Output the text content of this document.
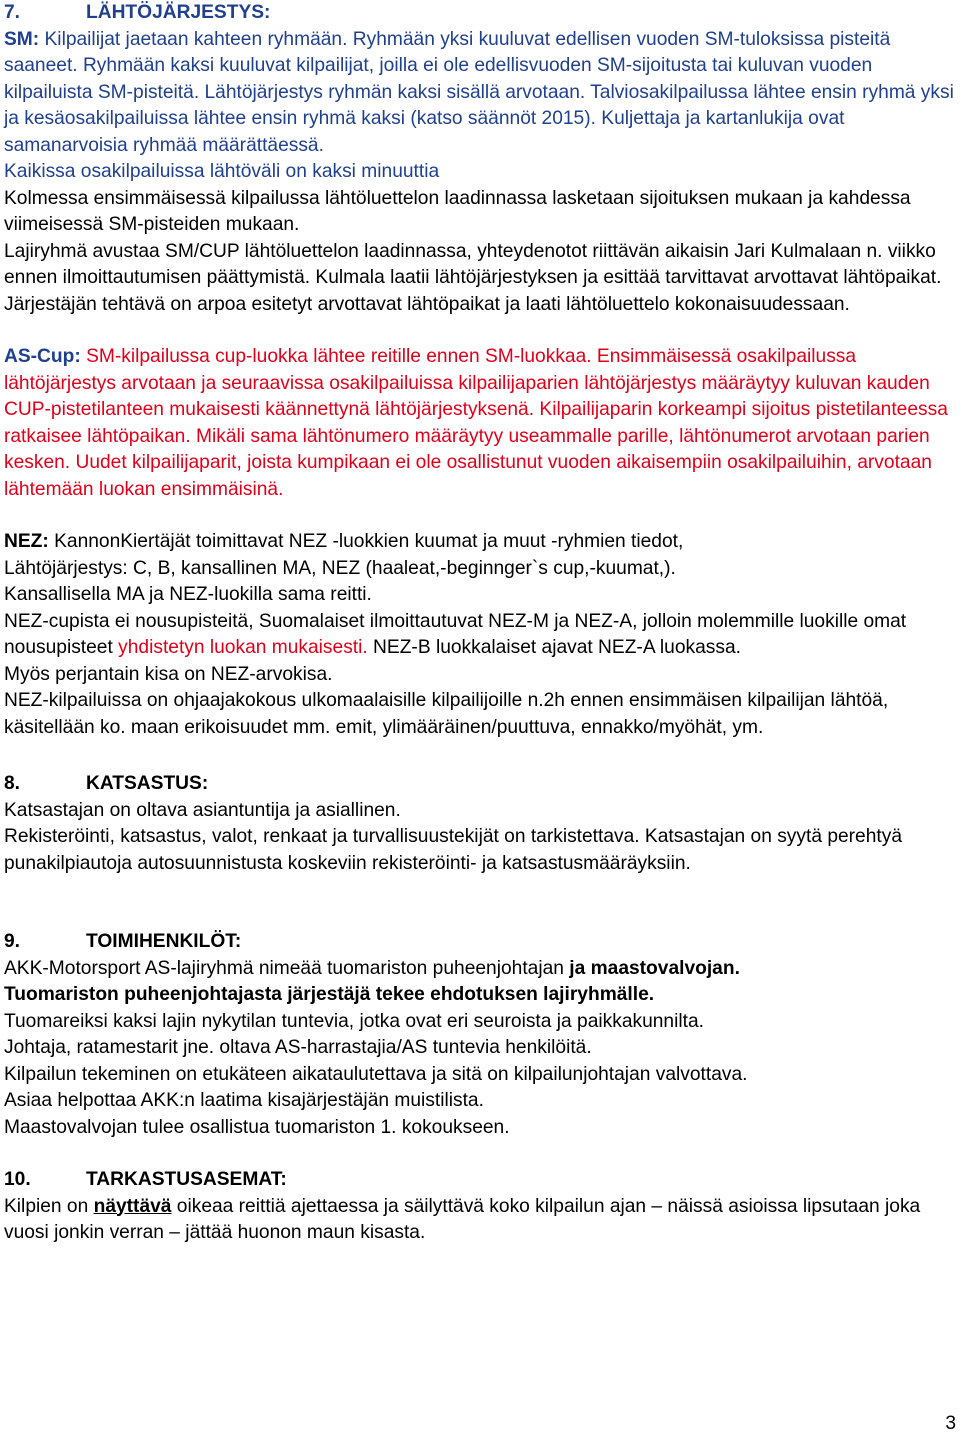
7.	LÄHTÖJÄRJESTYS:

SM: Kilpailijat jaetaan kahteen ryhmään. Ryhmään yksi kuuluvat edellisen vuoden SM-tuloksissa pisteitä saaneet. Ryhmään kaksi kuuluvat kilpailijat, joilla ei ole edellisvuoden SM-sijoitusta tai kuluvan vuoden kilpailuista SM-pisteitä. Lähtöjärjestys ryhmän kaksi sisällä arvotaan. Talviosakilpailussa lähtee ensin ryhmä yksi ja kesäosakilpailuissa lähtee ensin ryhmä kaksi (katso säännöt 2015). Kuljettaja ja kartanlukija ovat samanarvoisia ryhmää määrättäessä.

Kaikissa osakilpailuissa lähtöväli on kaksi minuuttia

Kolmessa ensimmäisessä kilpailussa lähtöluettelon laadinnassa lasketaan sijoituksen mukaan ja kahdessa viimeisessä SM-pisteiden mukaan.

Lajiryhmä avustaa SM/CUP lähtöluettelon laadinnassa, yhteydenotot riittävän aikaisin Jari Kulmalaan n. viikko ennen ilmoittautumisen päättymistä. Kulmala laatii lähtöjärjestyksen ja esittää tarvittavat arvottavat lähtöpaikat. Järjestäjän tehtävä on arpoa esitetyt arvottavat lähtöpaikat ja laati lähtöluettelo kokonaisuudessaan.

AS-Cup: SM-kilpailussa cup-luokka lähtee reitille ennen SM-luokkaa. Ensimmäisessä osakilpailussa lähtöjärjestys arvotaan ja seuraavissa osakilpailuissa kilpailijaparien lähtöjärjestys määräytyy kuluvan kauden CUP-pistetilanteen mukaisesti käännettynä lähtöjärjestyksenä. Kilpailijaparin korkeampi sijoitus pistetilanteessa ratkaisee lähtöpaikan. Mikäli sama lähtönumero määräytyy useammalle parille, lähtönumerot arvotaan parien kesken. Uudet kilpailijaparit, joista kumpikaan ei ole osallistunut vuoden aikaisempiin osakilpailuihin, arvotaan lähtemään luokan ensimmäisinä.

NEZ: KannonKiertäjät toimittavat NEZ -luokkien kuumat ja muut -ryhmien tiedot,

Lähtöjärjestys: C, B, kansallinen MA, NEZ (haaleat,-beginnger`s cup,-kuumat,).

Kansallisella MA ja NEZ-luokilla sama reitti.

NEZ-cupista ei nousupisteitä, Suomalaiset ilmoittautuvat NEZ-M ja NEZ-A, jolloin molemmille luokille omat nousupisteet yhdistetyn luokan mukaisesti. NEZ-B luokkalaiset ajavat NEZ-A luokassa.

Myös perjantain kisa on NEZ-arvokisa.

NEZ-kilpailuissa on ohjaajakokous ulkomaalaisille kilpailijoille n.2h ennen ensimmäisen kilpailijan lähtöä, käsitellään ko. maan erikoisuudet mm. emit, ylimääräinen/puuttuva, ennakko/myöhät, ym.

8.	KATSASTUS:

Katsastajan on oltava asiantuntija ja asiallinen.

Rekisteröinti, katsastus, valot, renkaat ja turvallisuustekijät on tarkistettava. Katsastajan on syytä perehtyä punakilpiautoja autosuunnistusta koskeviin rekisteröinti- ja katsastusmääräyksiin.

9.	TOIMIHENKILÖT:

AKK-Motorsport AS-lajiryhmä nimeää tuomariston puheenjohtajan ja maastovalvojan.

Tuomariston puheenjohtajasta järjestäjä tekee ehdotuksen lajiryhmälle.

Tuomareiksi kaksi lajin nykytilan tuntevia, jotka ovat eri seuroista ja paikkakunnilta.

Johtaja, ratamestarit jne. oltava AS-harrastajia/AS tuntevia henkilöitä.

Kilpailun tekeminen on etukäteen aikataulutettava ja sitä on kilpailunjohtajan valvottava.

Asiaa helpottaa AKK:n laatima kisajärjestäjän muistilista.

Maastovalvojan tulee osallistua tuomariston 1. kokoukseen.

10.	TARKASTUSASEMAT:

Kilpien on näyttävä oikeaa reittiä ajettaessa ja säilyttävä koko kilpailun ajan – näissä asioissa lipsutaan joka vuosi jonkin verran – jättää huonon maun kisasta.

3
